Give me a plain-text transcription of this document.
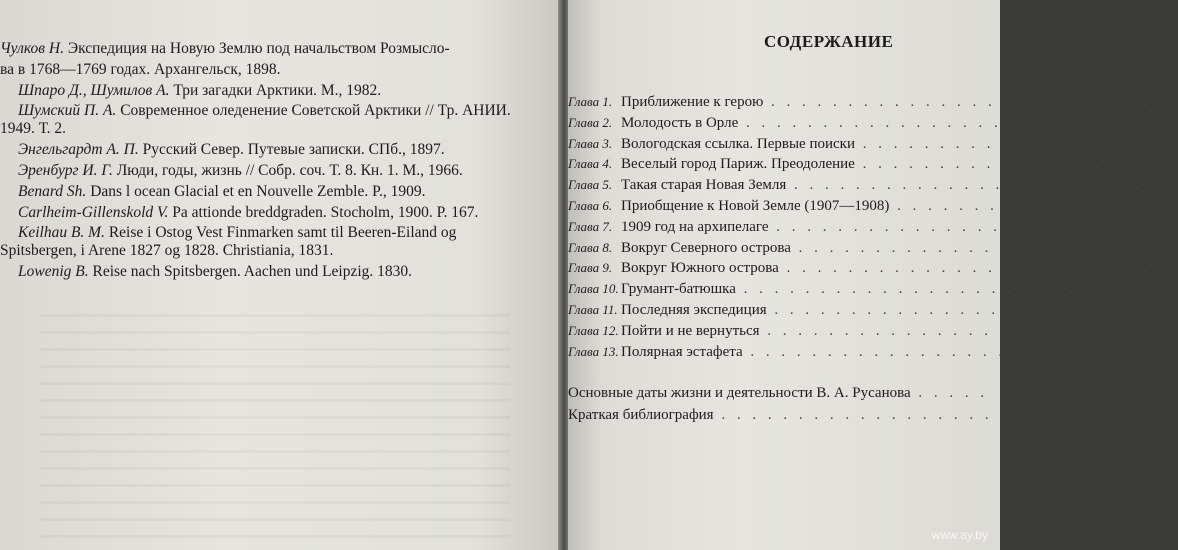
Чулков Н. Экспедиция на Новую Землю под начальством Розмысло-
ва в 1768—1769 годах. Архангельск, 1898.
Шпаро Д., Шумилов А. Три загадки Арктики. М., 1982.
Шумский П. А. Современное оледенение Советской Арктики // Тр. АНИИ. 1949. Т. 2.
Энгельгардт А. П. Русский Север. Путевые записки. СПб., 1897.
Эренбург И. Г. Люди, годы, жизнь // Собр. соч. Т. 8. Кн. 1. М., 1966.
Benard Sh. Dans l ocean Glacial et en Nouvelle Zemble. P., 1909.
Carlheim-Gillenskold V. Pa attionde breddgraden. Stocholm, 1900. P. 167.
Keilhau B. M. Reise i Ostog Vest Finmarken samt til Beeren-Eiland og Spitsbergen, i Arene 1827 og 1828. Christiania, 1831.
Lowenig B. Reise nach Spitsbergen. Aachen und Leipzig. 1830.
СОДЕРЖАНИЕ
Глава 1. Приближение к герою . . . . . . . . . . . . . . . . . . . . . . . . .
Глава 2. Молодость в Орле . . . . . . . . . . . . . . . . . . . . . . . . .
Глава 3. Вологодская ссылка. Первые поиски . . . . . . . . . . . . . . . . . .
Глава 4. Веселый город Париж. Преодоление . . . . . . . . . . . . . . . . . .
Глава 5. Такая старая Новая Земля . . . . . . . . . . . . . . . . . . . . . . . . .
Глава 6. Приобщение к Новой Земле (1907—1908) . . . . . . . . . . .
Глава 7. 1909 год на архипелаге . . . . . . . . . . . . . . . . . . . . . . . . .
Глава 8. Вокруг Северного острова . . . . . . . . . . . . . . . . . . . . . . . . .
Глава 9. Вокруг Южного острова . . . . . . . . . . . . . . . . . . . . . . . . .
Глава 10. Грумант-батюшка . . . . . . . . . . . . . . . . . . . . . . . . .
Глава 11. Последняя экспедиция . . . . . . . . . . . . . . . . . . . . . . . . .
Глава 12. Пойти и не вернуться . . . . . . . . . . . . . . . . . . . . . . . . .
Глава 13. Полярная эстафета . . . . . . . . . . . . . . . . . . . . . . . . .
Основные даты жизни и деятельности В. А. Русанова . . . . .
Краткая библиография . . . . . . . . . . . . . . . . . . . . . . . . . .
www.ay.by
